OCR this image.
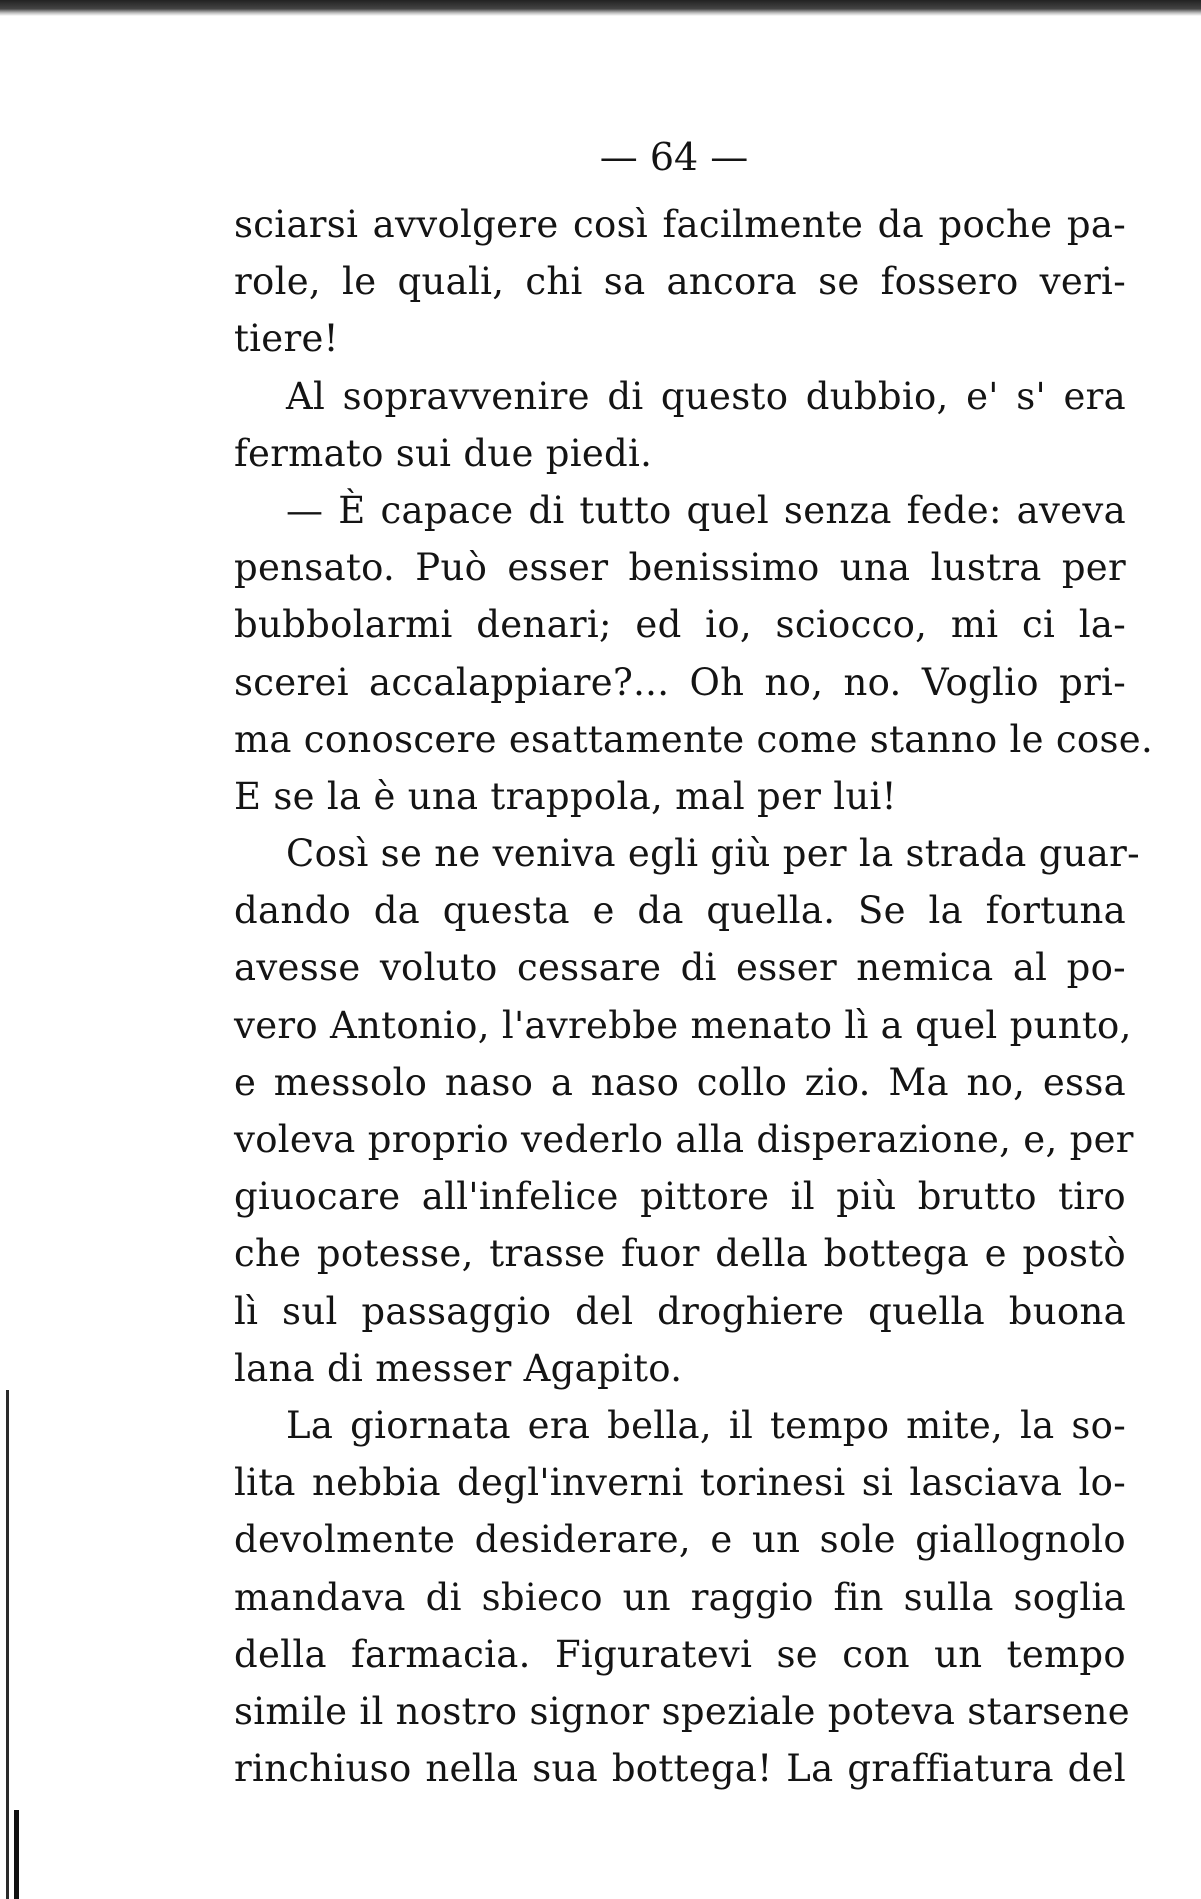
— 64 —
sciarsi avvolgere così facilmente da poche pa-
role, le quali, chi sa ancora se fossero veri-
tiere!
Al sopravvenire di questo dubbio, e' s' era
fermato sui due piedi.
— È capace di tutto quel senza fede: aveva
pensato. Può esser benissimo una lustra per
bubbolarmi denari; ed io, sciocco, mi ci la-
scerei accalappiare?... Oh no, no. Voglio pri-
ma conoscere esattamente come stanno le cose.
E se la è una trappola, mal per lui!
Così se ne veniva egli giù per la strada guar-
dando da questa e da quella. Se la fortuna
avesse voluto cessare di esser nemica al po-
vero Antonio, l'avrebbe menato lì a quel punto,
e messolo naso a naso collo zio. Ma no, essa
voleva proprio vederlo alla disperazione, e, per
giuocare all'infelice pittore il più brutto tiro
che potesse, trasse fuor della bottega e postò
lì sul passaggio del droghiere quella buona
lana di messer Agapito.
La giornata era bella, il tempo mite, la so-
lita nebbia degl'inverni torinesi si lasciava lo-
devolmente desiderare, e un sole giallognolo
mandava di sbieco un raggio fin sulla soglia
della farmacia. Figuratevi se con un tempo
simile il nostro signor speziale poteva starsene
rinchiuso nella sua bottega! La graffiatura del
